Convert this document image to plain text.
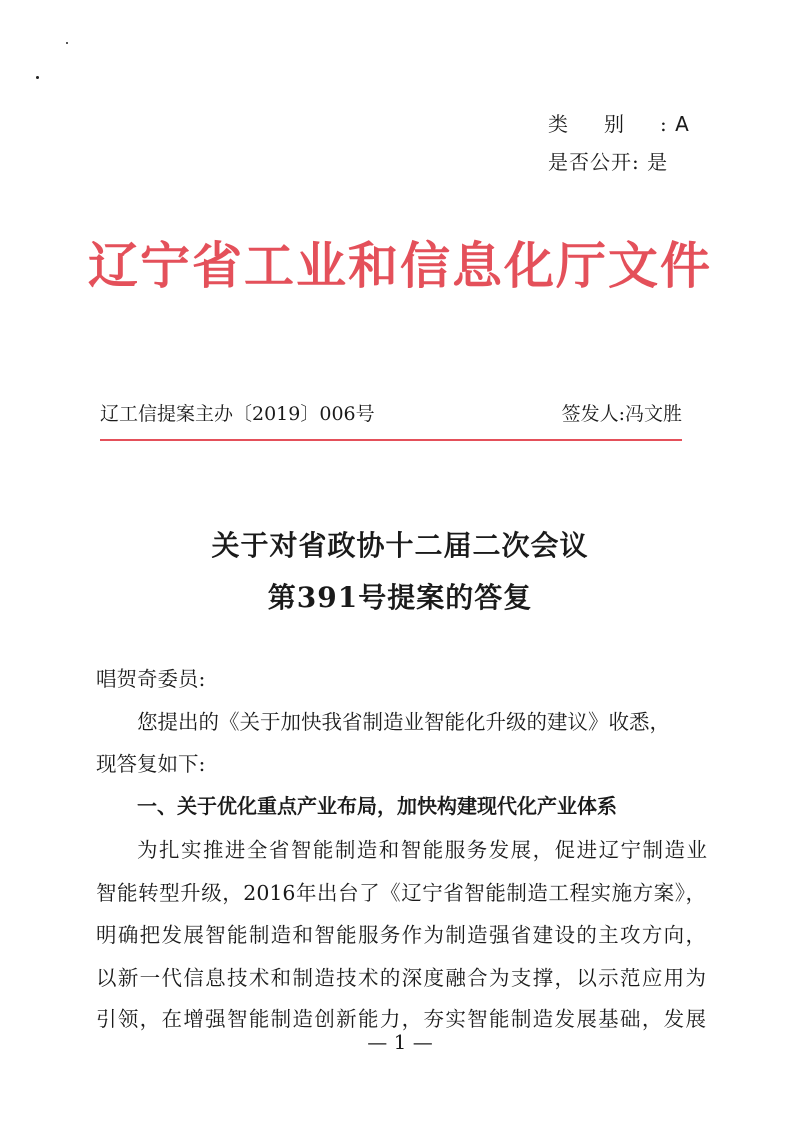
类别: A
是否公开: 是
辽宁省工业和信息化厅文件
辽工信提案主办〔2019〕006号	签发人:冯文胜
关于对省政协十二届二次会议
第391号提案的答复
唱贺奇委员:
您提出的《关于加快我省制造业智能化升级的建议》收悉，
现答复如下:
一、关于优化重点产业布局，加快构建现代化产业体系
为扎实推进全省智能制造和智能服务发展，促进辽宁制造业
智能转型升级，2016年出台了《辽宁省智能制造工程实施方案》，
明确把发展智能制造和智能服务作为制造强省建设的主攻方向，
以新一代信息技术和制造技术的深度融合为支撑，以示范应用为
引领，在增强智能制造创新能力，夯实智能制造发展基础，发展
— 1 —
